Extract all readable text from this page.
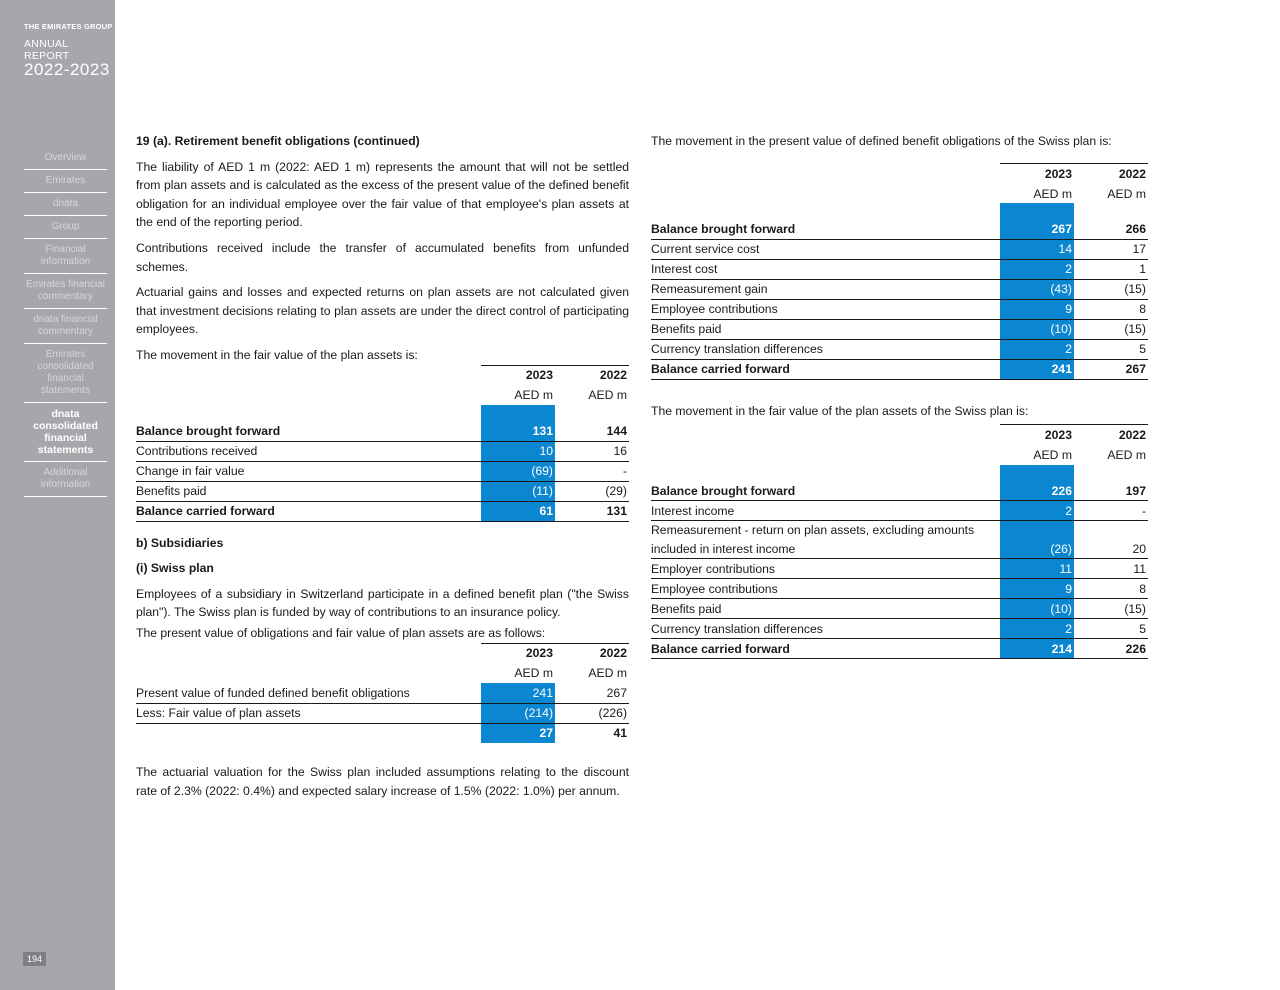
THE EMIRATES GROUP
ANNUAL REPORT
2022-2023
Overview
Emirates
dnata
Group
Financial information
Emirates financial commentary
dnata financial commentary
Emirates consolidated financial statements
dnata consolidated financial statements
Additional information
194
19 (a). Retirement benefit obligations (continued)

The liability of AED 1 m (2022: AED 1 m) represents the amount that will not be settled from plan assets and is calculated as the excess of the present value of the defined benefit obligation for an individual employee over the fair value of that employee's plan assets at the end of the reporting period.

Contributions received include the transfer of accumulated benefits from unfunded schemes.

Actuarial gains and losses and expected returns on plan assets are not calculated given that investment decisions relating to plan assets are under the direct control of participating employees.

The movement in the fair value of the plan assets is:

	2023	2022
	AED m	AED m

Balance brought forward	131	144
Contributions received	10	16
Change in fair value	(69)	-
Benefits paid	(11)	(29)
Balance carried forward	61	131
b) Subsidiaries
(i) Swiss plan

Employees of a subsidiary in Switzerland participate in a defined benefit plan ("the Swiss plan"). The Swiss plan is funded by way of contributions to an insurance policy.

The present value of obligations and fair value of plan assets are as follows:

	2023	2022
	AED m	AED m
Present value of funded defined benefit obligations	241	267
Less: Fair value of plan assets	(214)	(226)
	27	41

The actuarial valuation for the Swiss plan included assumptions relating to the discount rate of 2.3% (2022: 0.4%) and expected salary increase of 1.5% (2022: 1.0%) per annum.

The movement in the present value of defined benefit obligations of the Swiss plan is:

	2023	2022
	AED m	AED m

Balance brought forward	267	266
Current service cost	14	17
Interest cost	2	1
Remeasurement gain	(43)	(15)
Employee contributions	9	8
Benefits paid	(10)	(15)
Currency translation differences	2	5
Balance carried forward	241	267

The movement in the fair value of the plan assets of the Swiss plan is:

	2023	2022
	AED m	AED m

Balance brought forward	226	197
Interest income	2	-
Remeasurement - return on plan assets, excluding amounts included in interest income	(26)	20
Employer contributions	11	11
Employee contributions	9	8
Benefits paid	(10)	(15)
Currency translation differences	2	5
Balance carried forward	214	226
